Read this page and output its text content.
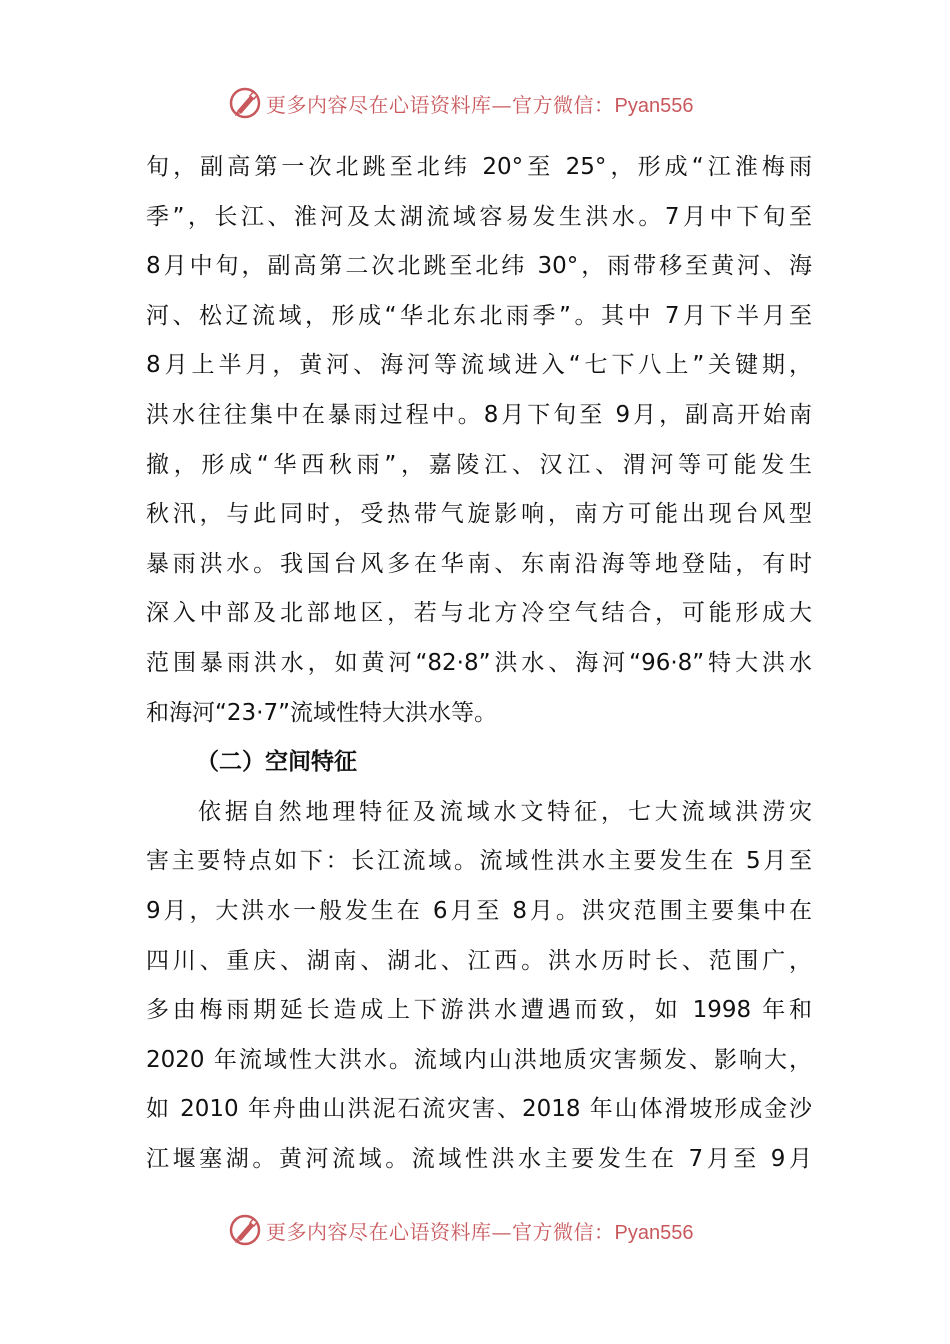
更多内容尽在心语资料库—官方微信：Pyan556
旬，副高第一次北跳至北纬 20°至 25°，形成“江淮梅雨
季”，长江、淮河及太湖流域容易发生洪水。7月中下旬至
8月中旬，副高第二次北跳至北纬 30°，雨带移至黄河、海
河、松辽流域，形成“华北东北雨季”。其中 7月下半月至
8月上半月，黄河、海河等流域进入“七下八上”关键期，
洪水往往集中在暴雨过程中。8月下旬至 9月，副高开始南
撤，形成“华西秋雨”，嘉陵江、汉江、渭河等可能发生
秋汛，与此同时，受热带气旋影响，南方可能出现台风型
暴雨洪水。我国台风多在华南、东南沿海等地登陆，有时
深入中部及北部地区，若与北方冷空气结合，可能形成大
范围暴雨洪水，如黄河“82·8”洪水、海河“96·8”特大洪水
和海河“23·7”流域性特大洪水等。
（二）空间特征
依据自然地理特征及流域水文特征，七大流域洪涝灾
害主要特点如下：长江流域。流域性洪水主要发生在 5月至
9月，大洪水一般发生在 6月至 8月。洪灾范围主要集中在
四川、重庆、湖南、湖北、江西。洪水历时长、范围广，
多由梅雨期延长造成上下游洪水遭遇而致，如 1998 年和
2020 年流域性大洪水。流域内山洪地质灾害频发、影响大，
如 2010 年舟曲山洪泥石流灾害、2018 年山体滑坡形成金沙
江堰塞湖。黄河流域。流域性洪水主要发生在 7月至 9月
更多内容尽在心语资料库—官方微信：Pyan556
